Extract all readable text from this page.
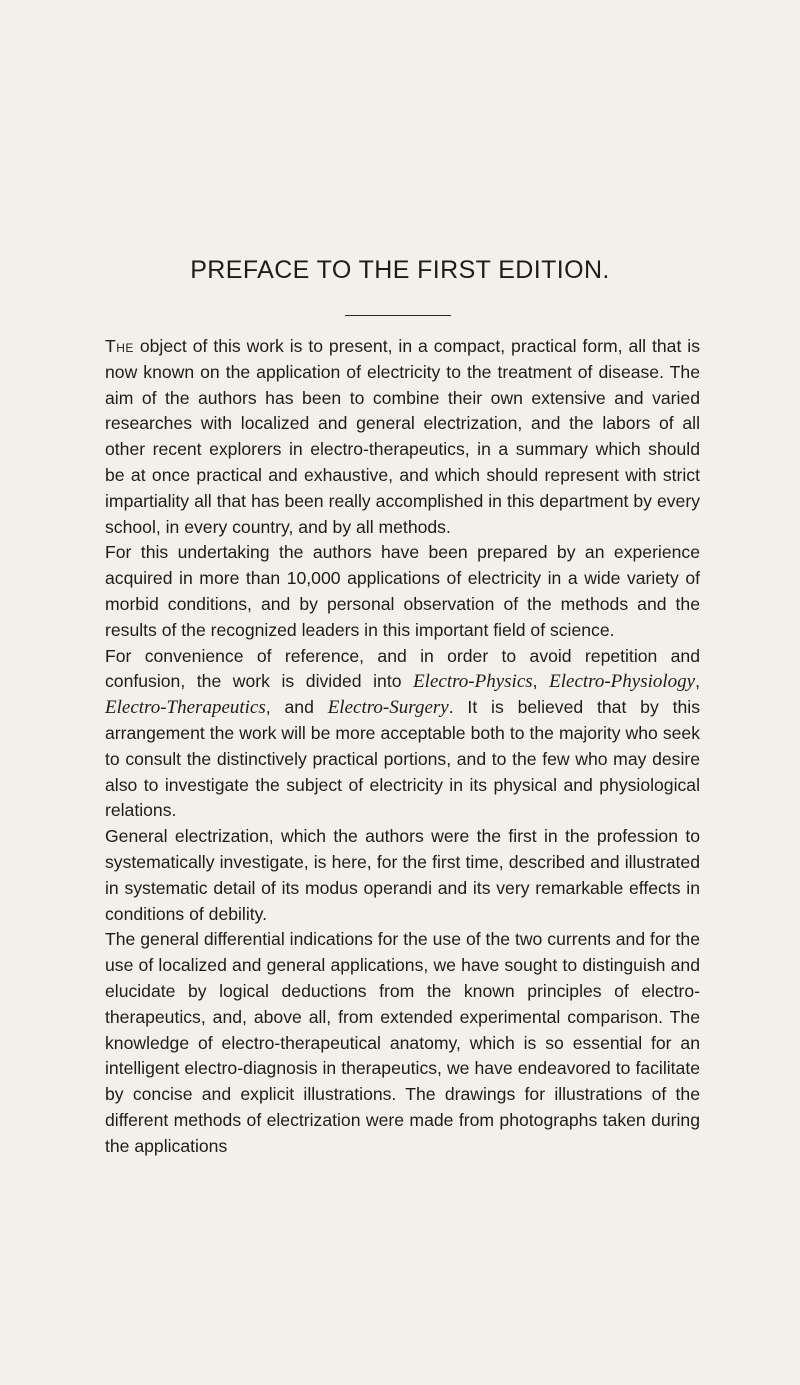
PREFACE TO THE FIRST EDITION.

The object of this work is to present, in a compact, practical form, all that is now known on the application of electricity to the treatment of disease. The aim of the authors has been to combine their own extensive and varied researches with localized and general electrization, and the labors of all other recent explorers in electro-therapeutics, in a summary which should be at once practical and exhaustive, and which should represent with strict impartiality all that has been really accomplished in this department by every school, in every country, and by all methods.

For this undertaking the authors have been prepared by an experience acquired in more than 10,000 applications of electricity in a wide variety of morbid conditions, and by personal observation of the methods and the results of the recognized leaders in this important field of science.

For convenience of reference, and in order to avoid repetition and confusion, the work is divided into Electro-Physics, Electro-Physiology, Electro-Therapeutics, and Electro-Surgery. It is believed that by this arrangement the work will be more acceptable both to the majority who seek to consult the distinctively practical portions, and to the few who may desire also to investigate the subject of electricity in its physical and physiological relations.

General electrization, which the authors were the first in the profession to systematically investigate, is here, for the first time, described and illustrated in systematic detail of its modus operandi and its very remarkable effects in conditions of debility.

The general differential indications for the use of the two currents and for the use of localized and general applications, we have sought to distinguish and elucidate by logical deductions from the known principles of electro-therapeutics, and, above all, from extended experimental comparison. The knowledge of electro-therapeutical anatomy, which is so essential for an intelligent electro-diagnosis in therapeutics, we have endeavored to facilitate by concise and explicit illustrations. The drawings for illustrations of the different methods of electrization were made from photographs taken during the applications
